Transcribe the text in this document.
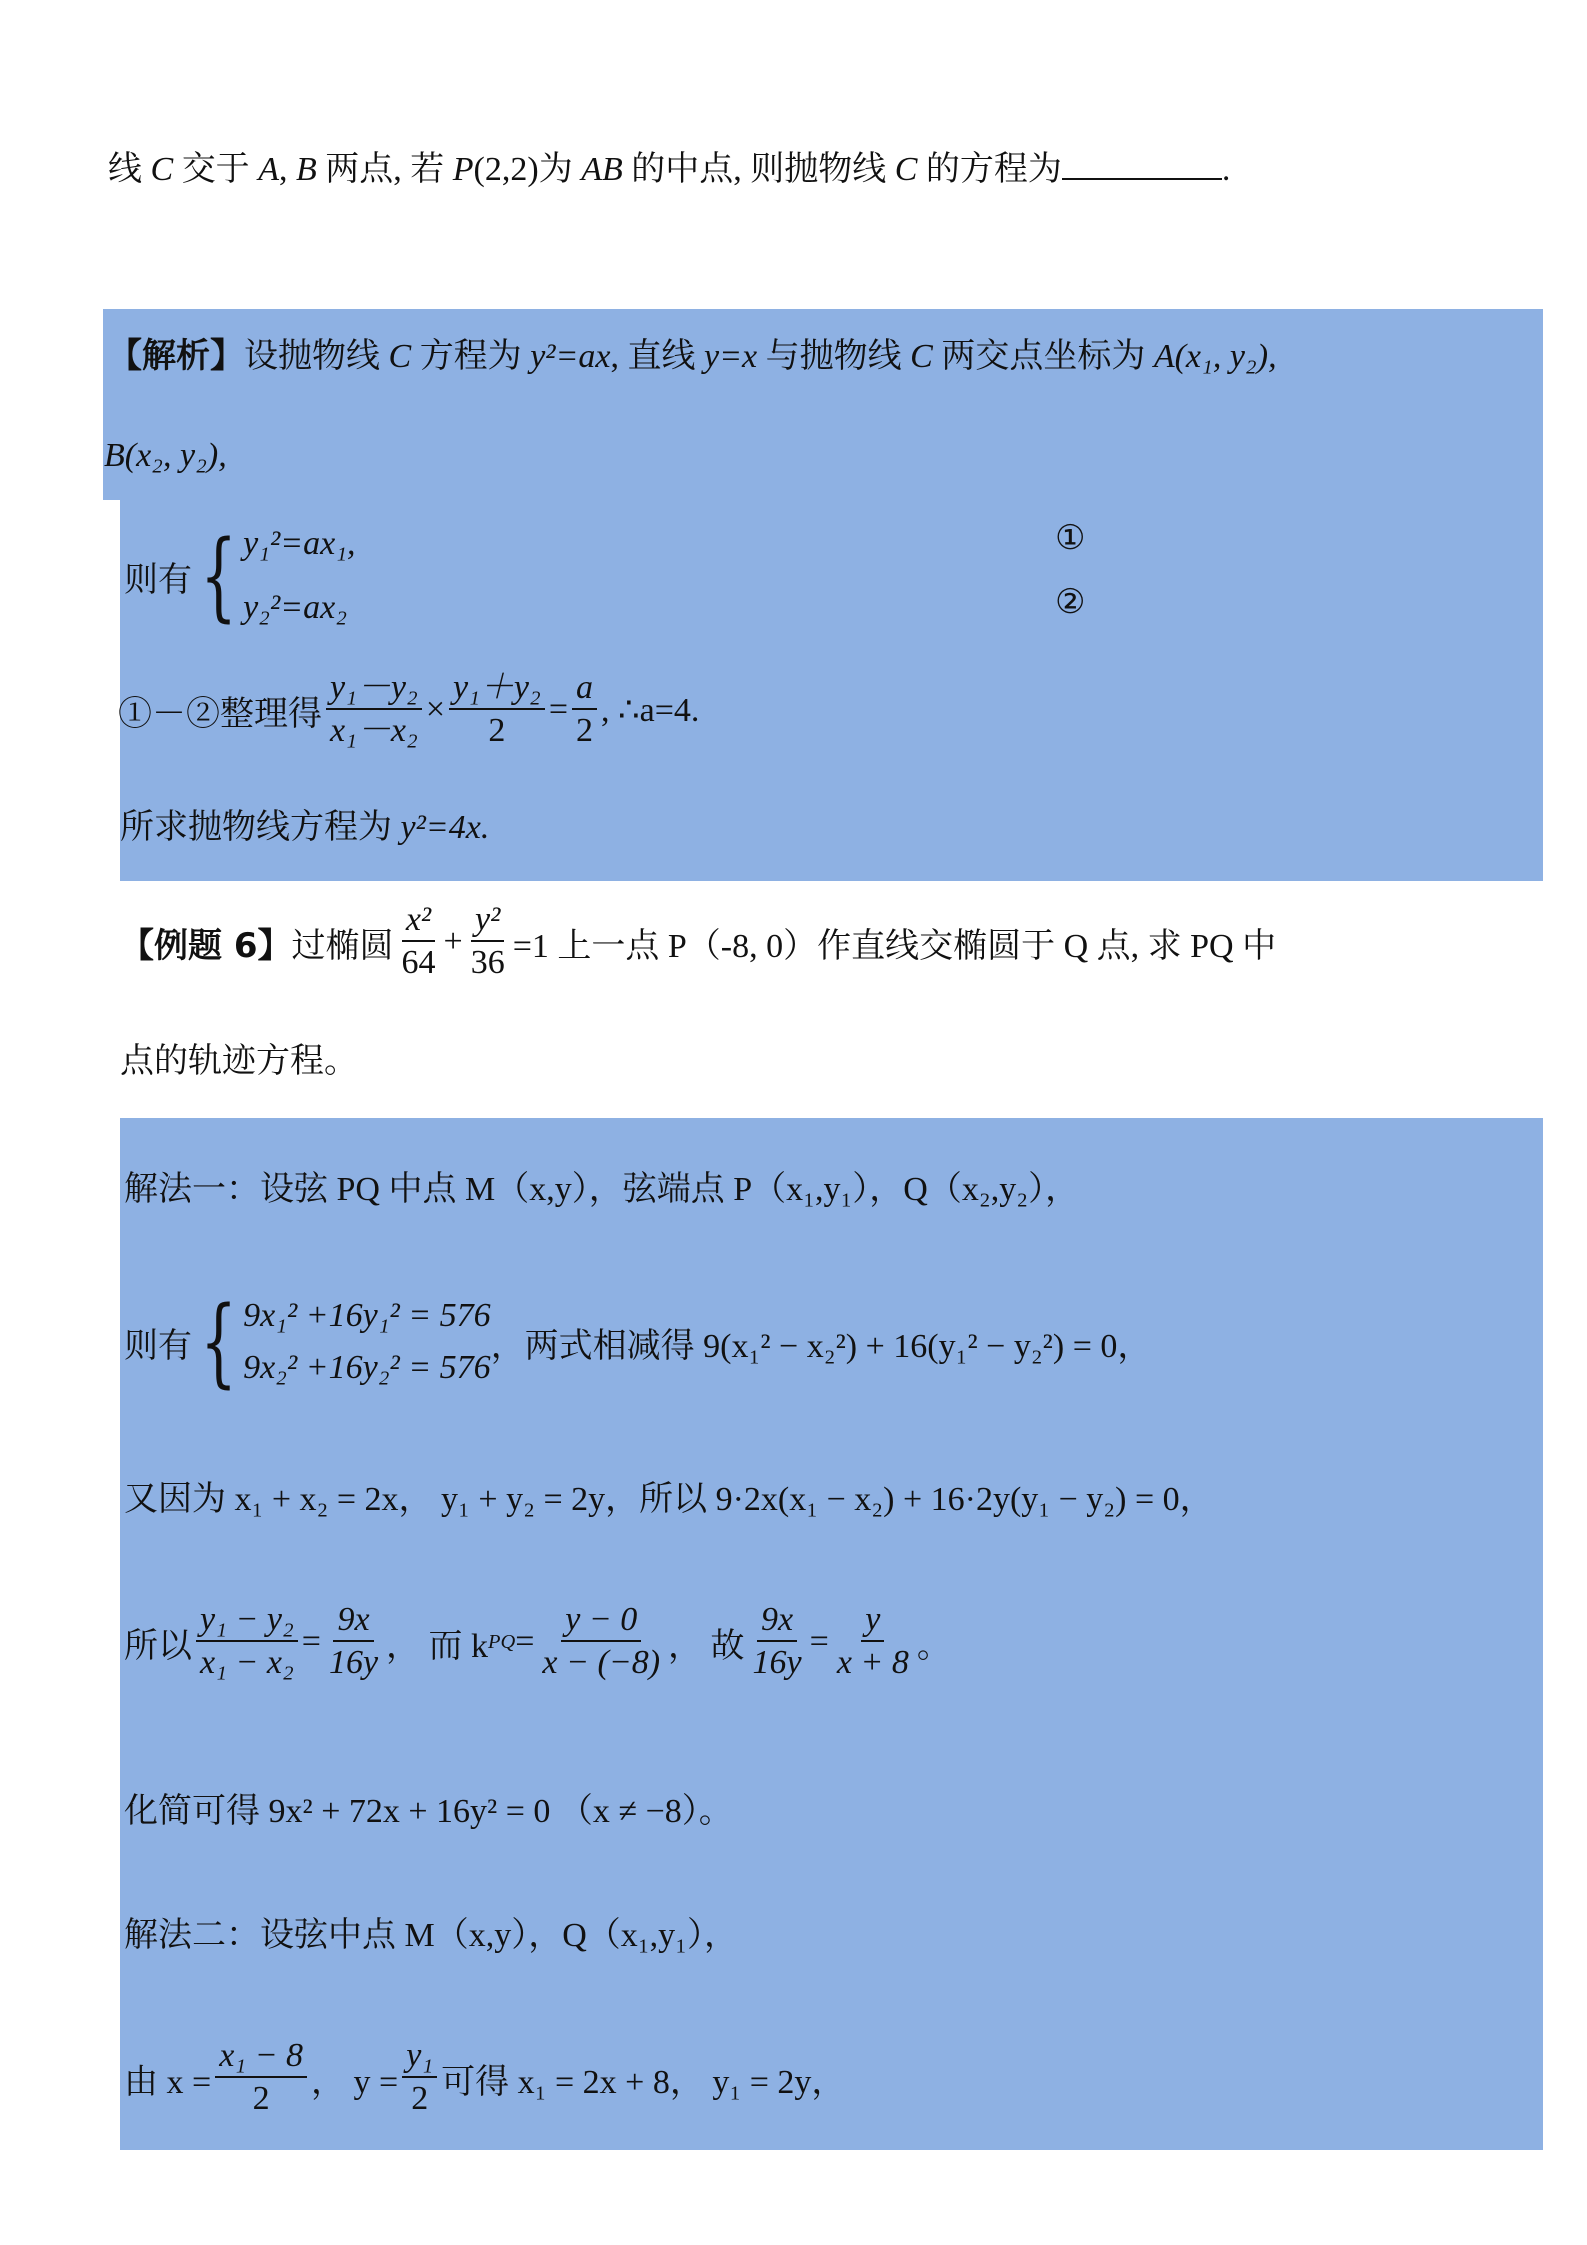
线 C 交于 A, B 两点, 若 P(2,2)为 AB 的中点, 则抛物线 C 的方程为	.
【解析】设抛物线 C 方程为 y²=ax, 直线 y=x 与抛物线 C 两交点坐标为 A(x₁, y₂),
B(x₂, y₂),
则有 { y₁²=ax₁,
y₂²=ax₂
①
②
①－②整理得 $\frac{\text{y₁－y₂}}{\text{x₁－x₂}} \times \frac{\text{y₁＋y₂}}{2} = \frac{a}{2}$ , ∴a=4.
所求抛物线方程为 y²=4x.
【例题 6】 过椭圆 $\frac{\text{x²}}{64} + \frac{\text{y²}}{36} =1$ 上一点 P（-8, 0）作直线交椭圆于 Q 点, 求 PQ 中
点的轨迹方程。
解法一：设弦 PQ 中点 M（x,y），弦端点 P（x₁,y₁），Q（x₂,y₂），
则有 { 9x₁² +16y₁² = 576
9x₂² +16y₂² = 576
，两式相减得 9(x₁² − x₂²) + 16(y₁² − y₂²) = 0，
又因为 x₁ + x₂ = 2x， y₁ + y₂ = 2y，所以 9·2x(x₁ − x₂) + 16·2y(y₁ − y₂) = 0，
所以 $\frac{\text{y₁ − y₂}}{\text{x₁ − x₂}} = \frac{9x}{16y}$ ， 而 k PQ = $\frac{y - 0}{x - (-8)}$ ， 故 $\frac{9x}{16y} = \frac{y}{x + 8}$ 。
化简可得 9x² + 72x + 16y² = 0 （x ≠ −8）。
解法二：设弦中点 M（x,y），Q（x₁,y₁），
由 $x = \frac{\text{x₁ − 8}}{2}$ ， $y = \frac{\text{y₁}}{2}$ 可得 x₁ = 2x + 8， y₁ = 2y，
